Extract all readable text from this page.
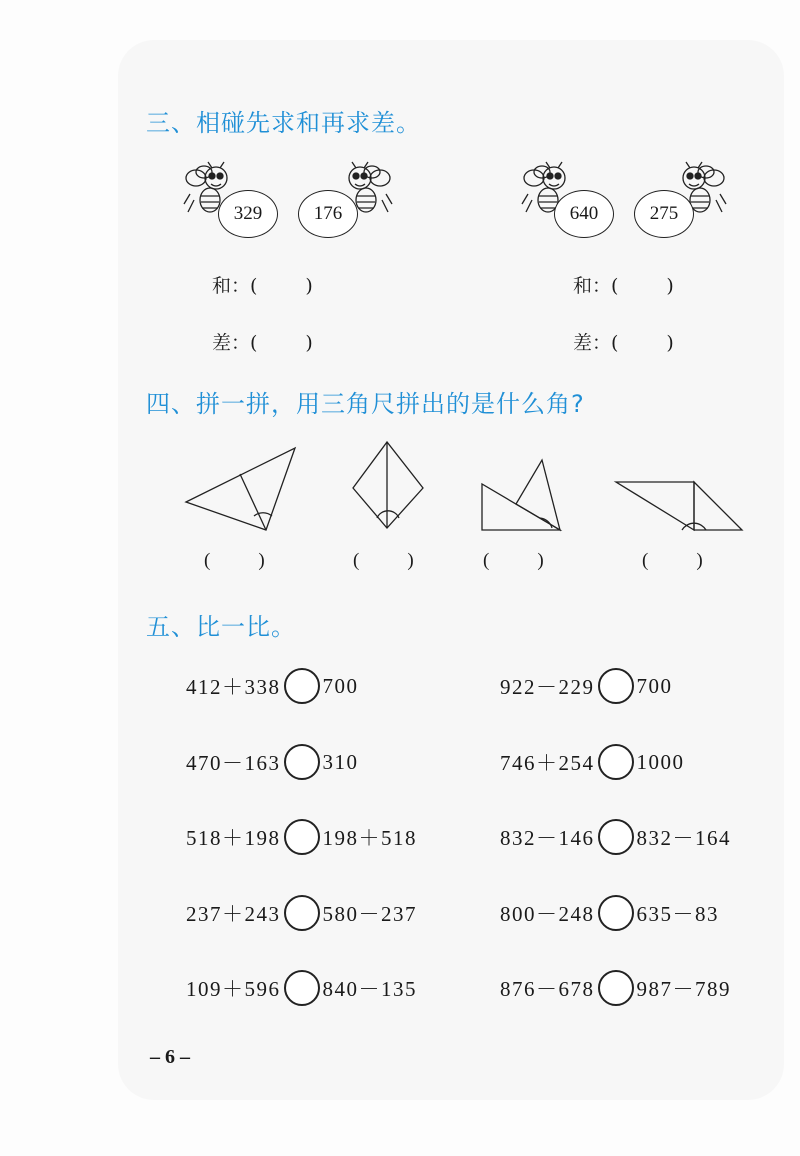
三、相碰先求和再求差。
329	176	640	275
和：(	)
差：(	)
和：(	)
差：(	)
四、拼一拼，用三角尺拼出的是什么角?
(	)	(	)	(	)	(	)
五、比一比。
412＋338 700	922－229 700
470－163 310	746＋254 1000
518＋198 198＋518	832－146 832－164
237＋243 580－237	800－248 635－83
109＋596 840－135	876－678 987－789
– 6 –
